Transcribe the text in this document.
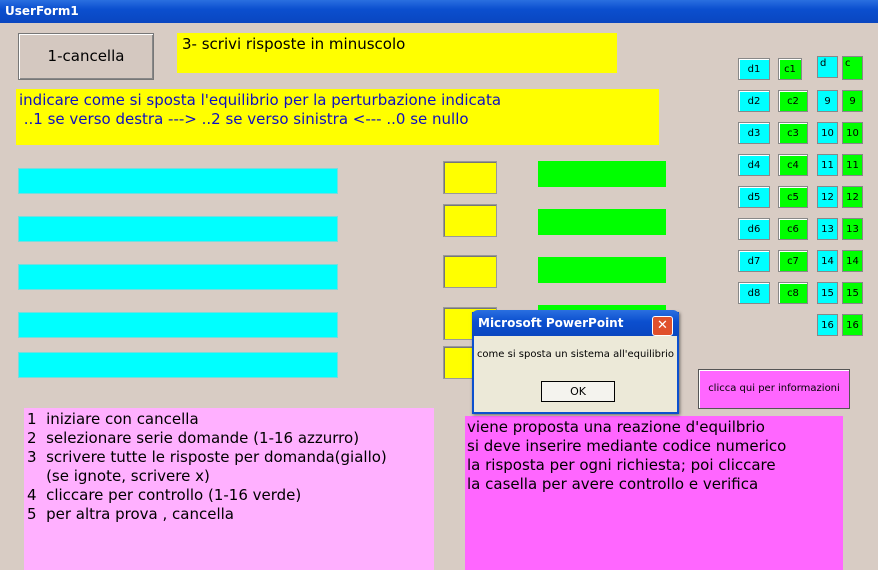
UserForm1
1-cancella
3- scrivi risposte in minuscolo
indicare come si sposta l'equilibrio per la perturbazione indicata
..1 se verso destra ---> ..2 se verso sinistra <--- ..0 se nullo
d	c
d1
d2
d3
d4
d5
d6
d7
d8
c1
c2
c3
c4
c5
c6
c7
c8
9
10
11
12
13
14
15
16
9
10
11
12
13
14
15
16
clicca qui per informazioni
1  iniziare con cancella
2  selezionare serie domande (1-16 azzurro)
3  scrivere tutte le risposte per domanda(giallo)
(se ignote, scrivere x)
4  cliccare per controllo (1-16 verde)
5  per altra prova , cancella
viene proposta una reazione d'equilbrio
si deve inserire mediante codice numerico
la risposta per ogni richiesta; poi cliccare
la casella per avere controllo e verifica
Microsoft PowerPoint	✕
come si sposta un sistema all'equilibrio
OK
